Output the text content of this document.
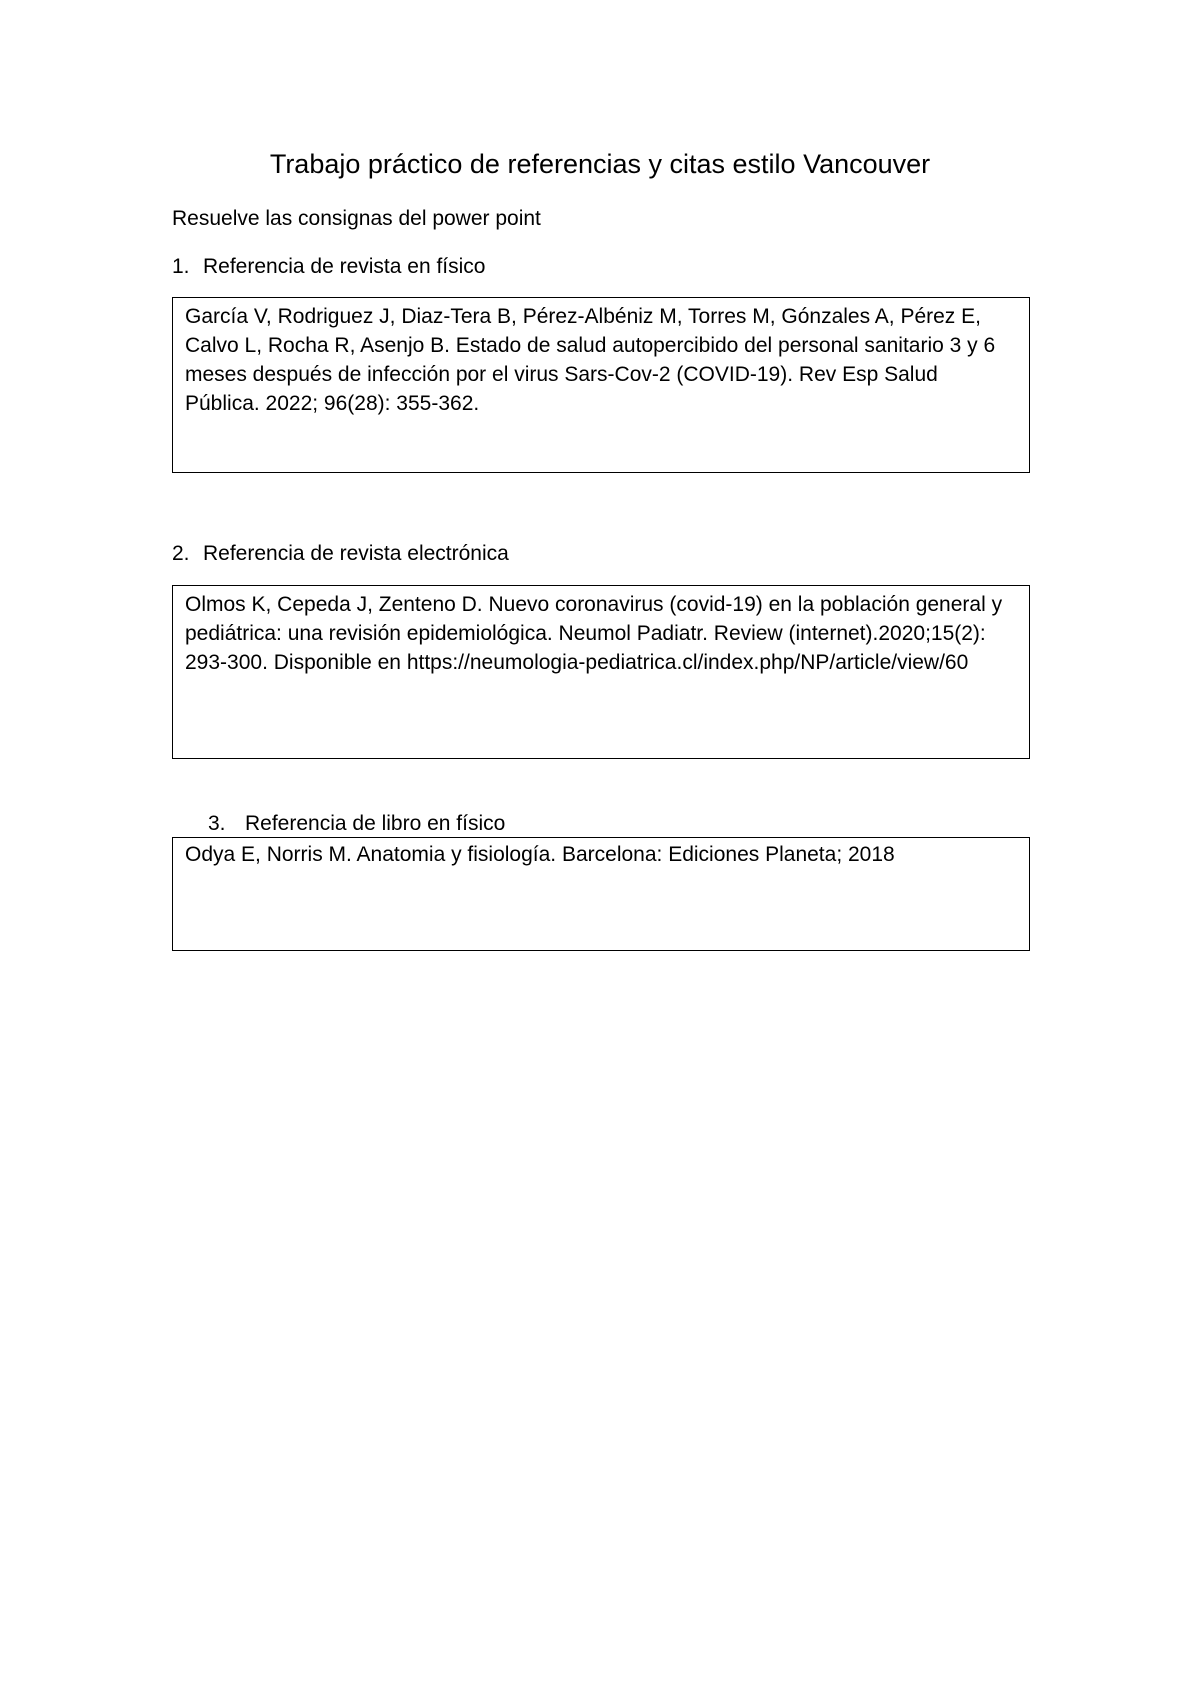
Trabajo práctico de referencias y citas estilo Vancouver
Resuelve las consignas del power point
1. Referencia de revista en físico
García V, Rodriguez J, Diaz-Tera B, Pérez-Albéniz M, Torres M, Gónzales A, Pérez E, Calvo L, Rocha R, Asenjo B. Estado de salud autopercibido del personal sanitario 3 y 6 meses después de infección por el virus Sars-Cov-2 (COVID-19). Rev Esp Salud Pública. 2022; 96(28): 355-362.
2. Referencia de revista electrónica
Olmos K, Cepeda J, Zenteno D. Nuevo coronavirus (covid-19) en la población general y pediátrica: una revisión epidemiológica. Neumol Padiatr. Review (internet).2020;15(2): 293-300. Disponible en https://neumologia-pediatrica.cl/index.php/NP/article/view/60
3. Referencia de libro en físico
Odya E, Norris M. Anatomia y fisiología. Barcelona: Ediciones Planeta; 2018
